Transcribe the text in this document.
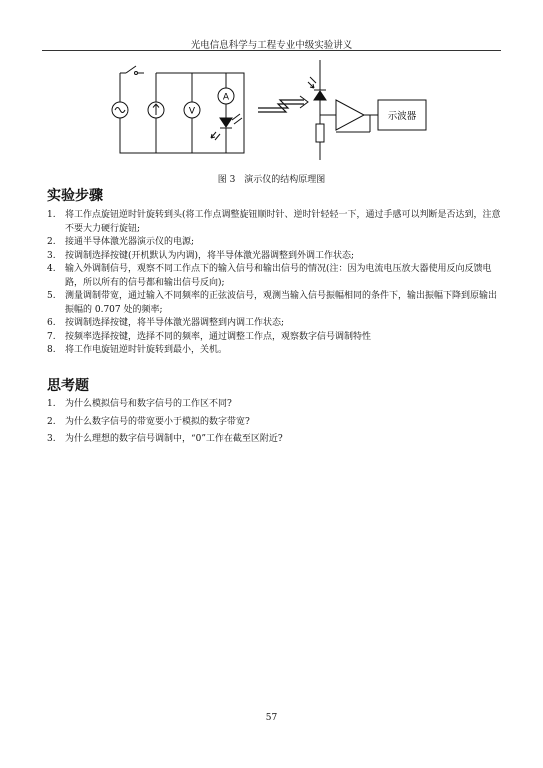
光电信息科学与工程专业中级实验讲义
A
V	示波器
图 3　演示仪的结构原理图
实验步骤
1.	将工作点旋钮逆时针旋转到头(将工作点调整旋钮顺时针、逆时针轻轻一下，通过手感可以判断是否达到，注意不要大力硬行旋钮;
2.	接通半导体激光器演示仪的电源;
3.	按调制选择按键(开机默认为内调)，将半导体激光器调整到外调工作状态;
4.	输入外调制信号，观察不同工作点下的输入信号和输出信号的情况(注：因为电流电压放大器使用反向反馈电路，所以所有的信号都和输出信号反向);
5.	测量调制带宽，通过输入不同频率的正弦波信号，观测当输入信号振幅相同的条件下，输出振幅下降到原输出振幅的 0.707 处的频率;
6.	按调制选择按键，将半导体激光器调整到内调工作状态;
7.	按频率选择按键，选择不同的频率，通过调整工作点，观察数字信号调制特性
8.	将工作电旋钮逆时针旋转到最小，关机。
思考题
1.	为什么模拟信号和数字信号的工作区不同?
2.	为什么数字信号的带宽要小于模拟的数字带宽?
3.	为什么理想的数字信号调制中，“0”工作在截至区附近?
57
